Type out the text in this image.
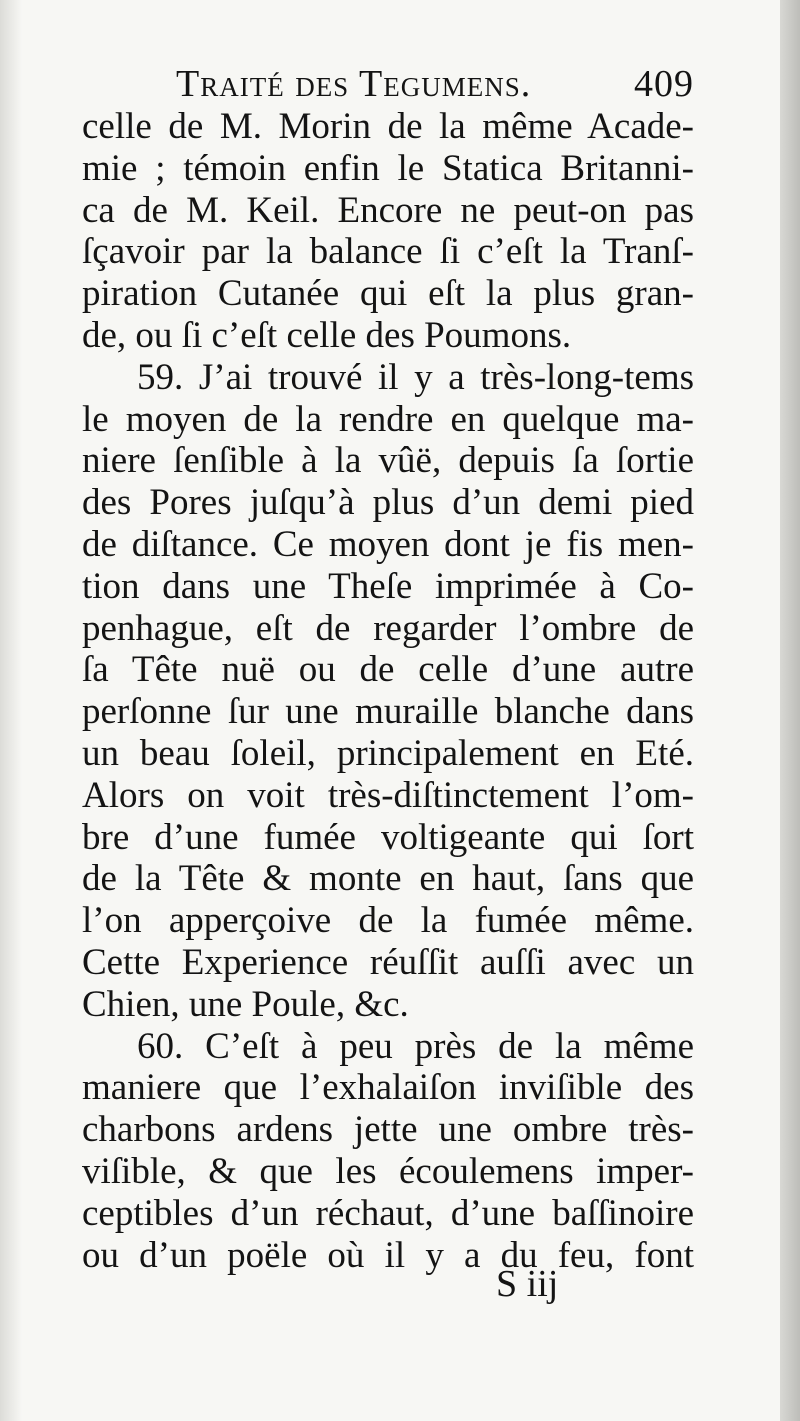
Traité des Tegumens.	409
celle de M. Morin de la même Acade-
mie ; témoin enfin le Statica Britanni-
ca de M. Keil. Encore ne peut-on pas
ſçavoir par la balance ſi c’eſt la Tranſ-
piration Cutanée qui eſt la plus gran-
de, ou ſi c’eſt celle des Poumons.
59. J’ai trouvé il y a très-long-tems
le moyen de la rendre en quelque ma-
niere ſenſible à la vûë, depuis ſa ſortie
des Pores juſqu’à plus d’un demi pied
de diſtance. Ce moyen dont je fis men-
tion dans une Theſe imprimée à Co-
penhague, eſt de regarder l’ombre de
ſa Tête nuë ou de celle d’une autre
perſonne ſur une muraille blanche dans
un beau ſoleil, principalement en Eté.
Alors on voit très-diſtinctement l’om-
bre d’une fumée voltigeante qui ſort
de la Tête & monte en haut, ſans que
l’on apperçoive de la fumée même.
Cette Experience réuſſit auſſi avec un
Chien, une Poule, &c.
60. C’eſt à peu près de la même
maniere que l’exhalaiſon inviſible des
charbons ardens jette une ombre très-
viſible, & que les écoulemens imper-
ceptibles d’un réchaut, d’une baſſinoire
ou d’un poële où il y a du feu, font
S iij
